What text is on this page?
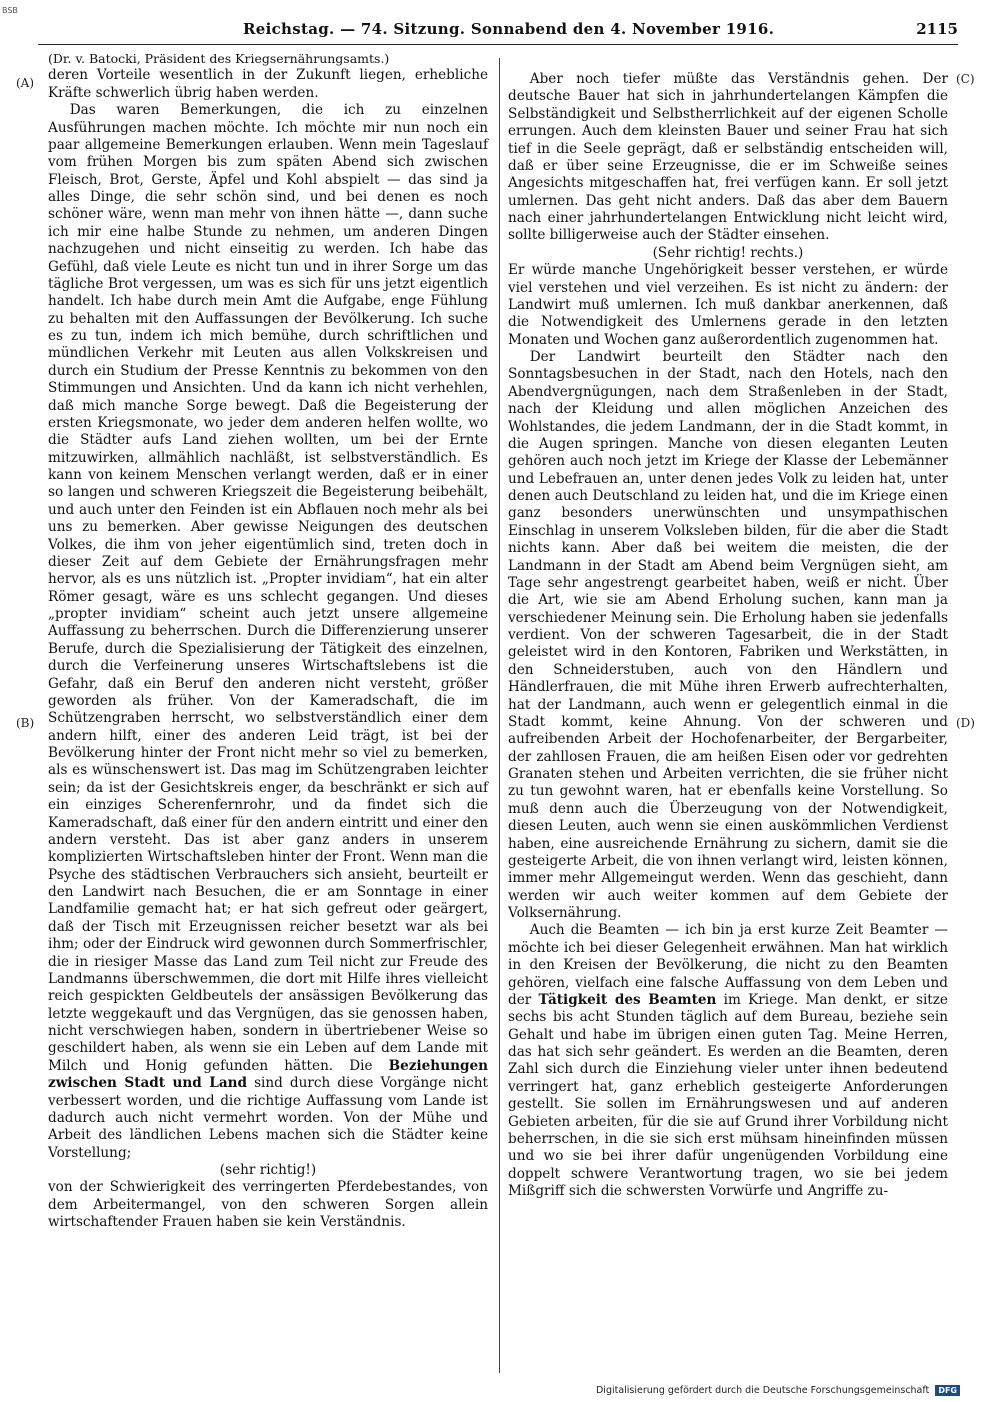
BSB
Reichstag. — 74. Sitzung. Sonnabend den 4. November 1916.	2115
(A)
(B)
(C)
(D)

(Dr. v. Batocki, Präsident des Kriegsernährungsamts.)

deren Vorteile wesentlich in der Zukunft liegen, erhebliche Kräfte schwerlich übrig haben werden.

Das waren Bemerkungen, die ich zu einzelnen Ausführungen machen möchte. Ich möchte mir nun noch ein paar allgemeine Bemerkungen erlauben. Wenn mein Tageslauf vom frühen Morgen bis zum späten Abend sich zwischen Fleisch, Brot, Gerste, Äpfel und Kohl abspielt — das sind ja alles Dinge, die sehr schön sind, und bei denen es noch schöner wäre, wenn man mehr von ihnen hätte —, dann suche ich mir eine halbe Stunde zu nehmen, um anderen Dingen nachzugehen und nicht einseitig zu werden. Ich habe das Gefühl, daß viele Leute es nicht tun und in ihrer Sorge um das tägliche Brot vergessen, um was es sich für uns jetzt eigentlich handelt. Ich habe durch mein Amt die Aufgabe, enge Fühlung zu behalten mit den Auffassungen der Bevölkerung. Ich suche es zu tun, indem ich mich bemühe, durch schriftlichen und mündlichen Verkehr mit Leuten aus allen Volkskreisen und durch ein Studium der Presse Kenntnis zu bekommen von den Stimmungen und Ansichten. Und da kann ich nicht verhehlen, daß mich manche Sorge bewegt. Daß die Begeisterung der ersten Kriegsmonate, wo jeder dem anderen helfen wollte, wo die Städter aufs Land ziehen wollten, um bei der Ernte mitzuwirken, allmählich nachläßt, ist selbstverständlich. Es kann von keinem Menschen verlangt werden, daß er in einer so langen und schweren Kriegszeit die Begeisterung beibehält, und auch unter den Feinden ist ein Abflauen noch mehr als bei uns zu bemerken. Aber gewisse Neigungen des deutschen Volkes, die ihm von jeher eigentümlich sind, treten doch in dieser Zeit auf dem Gebiete der Ernährungsfragen mehr hervor, als es uns nützlich ist. „Propter invidiam“, hat ein alter Römer gesagt, wäre es uns schlecht gegangen. Und dieses „propter invidiam“ scheint auch jetzt unsere allgemeine Auffassung zu beherrschen. Durch die Differenzierung unserer Berufe, durch die Spezialisierung der Tätigkeit des einzelnen, durch die Verfeinerung unseres Wirtschaftslebens ist die Gefahr, daß ein Beruf den anderen nicht versteht, größer geworden als früher. Von der Kameradschaft, die im Schützengraben herrscht, wo selbstverständlich einer dem andern hilft, einer des anderen Leid trägt, ist bei der Bevölkerung hinter der Front nicht mehr so viel zu bemerken, als es wünschenswert ist. Das mag im Schützengraben leichter sein; da ist der Gesichtskreis enger, da beschränkt er sich auf ein einziges Scherenfernrohr, und da findet sich die Kameradschaft, daß einer für den andern eintritt und einer den andern versteht. Das ist aber ganz anders in unserem komplizierten Wirtschaftsleben hinter der Front. Wenn man die Psyche des städtischen Verbrauchers sich ansieht, beurteilt er den Landwirt nach Besuchen, die er am Sonntage in einer Landfamilie gemacht hat; er hat sich gefreut oder geärgert, daß der Tisch mit Erzeugnissen reicher besetzt war als bei ihm; oder der Eindruck wird gewonnen durch Sommerfrischler, die in riesiger Masse das Land zum Teil nicht zur Freude des Landmanns überschwemmen, die dort mit Hilfe ihres vielleicht reich gespickten Geldbeutels der ansässigen Bevölkerung das letzte weggekauft und das Vergnügen, das sie genossen haben, nicht verschwiegen haben, sondern in übertriebener Weise so geschildert haben, als wenn sie ein Leben auf dem Lande mit Milch und Honig gefunden hätten. Die Beziehungen zwischen Stadt und Land sind durch diese Vorgänge nicht verbessert worden, und die richtige Auffassung vom Lande ist dadurch auch nicht vermehrt worden. Von der Mühe und Arbeit des ländlichen Lebens machen sich die Städter keine Vorstellung;

(sehr richtig!)

von der Schwierigkeit des verringerten Pferdebestandes, von dem Arbeitermangel, von den schweren Sorgen allein wirtschaftender Frauen haben sie kein Verständnis.

Aber noch tiefer müßte das Verständnis gehen. Der deutsche Bauer hat sich in jahrhundertelangen Kämpfen die Selbständigkeit und Selbstherrlichkeit auf der eigenen Scholle errungen. Auch dem kleinsten Bauer und seiner Frau hat sich tief in die Seele geprägt, daß er selbständig entscheiden will, daß er über seine Erzeugnisse, die er im Schweiße seines Angesichts mitgeschaffen hat, frei verfügen kann. Er soll jetzt umlernen. Das geht nicht anders. Daß das aber dem Bauern nach einer jahrhundertelangen Entwicklung nicht leicht wird, sollte billigerweise auch der Städter einsehen.

(Sehr richtig! rechts.)

Er würde manche Ungehörigkeit besser verstehen, er würde viel verstehen und viel verzeihen. Es ist nicht zu ändern: der Landwirt muß umlernen. Ich muß dankbar anerkennen, daß die Notwendigkeit des Umlernens gerade in den letzten Monaten und Wochen ganz außerordentlich zugenommen hat.

Der Landwirt beurteilt den Städter nach den Sonntagsbesuchen in der Stadt, nach den Hotels, nach den Abendvergnügungen, nach dem Straßenleben in der Stadt, nach der Kleidung und allen möglichen Anzeichen des Wohlstandes, die jedem Landmann, der in die Stadt kommt, in die Augen springen. Manche von diesen eleganten Leuten gehören auch noch jetzt im Kriege der Klasse der Lebemänner und Lebefrauen an, unter denen jedes Volk zu leiden hat, unter denen auch Deutschland zu leiden hat, und die im Kriege einen ganz besonders unerwünschten und unsympathischen Einschlag in unserem Volksleben bilden, für die aber die Stadt nichts kann. Aber daß bei weitem die meisten, die der Landmann in der Stadt am Abend beim Vergnügen sieht, am Tage sehr angestrengt gearbeitet haben, weiß er nicht. Über die Art, wie sie am Abend Erholung suchen, kann man ja verschiedener Meinung sein. Die Erholung haben sie jedenfalls verdient. Von der schweren Tagesarbeit, die in der Stadt geleistet wird in den Kontoren, Fabriken und Werkstätten, in den Schneiderstuben, auch von den Händlern und Händlerfrauen, die mit Mühe ihren Erwerb aufrechterhalten, hat der Landmann, auch wenn er gelegentlich einmal in die Stadt kommt, keine Ahnung. Von der schweren und aufreibenden Arbeit der Hochofenarbeiter, der Bergarbeiter, der zahllosen Frauen, die am heißen Eisen oder vor gedrehten Granaten stehen und Arbeiten verrichten, die sie früher nicht zu tun gewohnt waren, hat er ebenfalls keine Vorstellung. So muß denn auch die Überzeugung von der Notwendigkeit, diesen Leuten, auch wenn sie einen auskömmlichen Verdienst haben, eine ausreichende Ernährung zu sichern, damit sie die gesteigerte Arbeit, die von ihnen verlangt wird, leisten können, immer mehr Allgemeingut werden. Wenn das geschieht, dann werden wir auch weiter kommen auf dem Gebiete der Volksernährung.

Auch die Beamten — ich bin ja erst kurze Zeit Beamter — möchte ich bei dieser Gelegenheit erwähnen. Man hat wirklich in den Kreisen der Bevölkerung, die nicht zu den Beamten gehören, vielfach eine falsche Auffassung von dem Leben und der Tätigkeit des Beamten im Kriege. Man denkt, er sitze sechs bis acht Stunden täglich auf dem Bureau, beziehe sein Gehalt und habe im übrigen einen guten Tag. Meine Herren, das hat sich sehr geändert. Es werden an die Beamten, deren Zahl sich durch die Einziehung vieler unter ihnen bedeutend verringert hat, ganz erheblich gesteigerte Anforderungen gestellt. Sie sollen im Ernährungswesen und auf anderen Gebieten arbeiten, für die sie auf Grund ihrer Vorbildung nicht beherrschen, in die sie sich erst mühsam hineinfinden müssen und wo sie bei ihrer dafür ungenügenden Vorbildung eine doppelt schwere Verantwortung tragen, wo sie bei jedem Mißgriff sich die schwersten Vorwürfe und Angriffe zu-

Digitalisierung gefördert durch die Deutsche Forschungsgemeinschaft DFG
